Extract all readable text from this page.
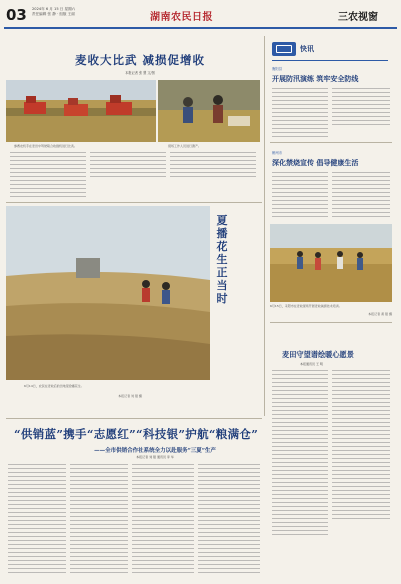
03 2024年 6 月 15 日 星期六
责任编辑 张 静 · 组版 王丽	湖南农民日报	三农视窗
麦收大比武 减损促增收
本报记者 张 慧 文/图
参赛农机手在麦田中驾驶联合收割机进行比武。	现场工作人员进行测产。
快讯
衡阳县
开展防汛演练 筑牢安全防线
郴州市
深化禁烧宣传 倡导健康生活
6月15日，耒阳市在麦收现场开展麦收减损技术培训。
本报记者 黄 强 摄
麦田守望谱绘暖心愿景
本报通讯员 王 明
夏 播 花 生 正 当 时
6月14日，农民在麦收后的田地里抢播花生。
本报记者 刘 强 摄
“供销蓝”携手“志愿红”“科技银”护航“粮满仓”
——全市供销合作社系统全力以赴服务“三夏”生产
本报记者 刘 强 通讯员 李 华
